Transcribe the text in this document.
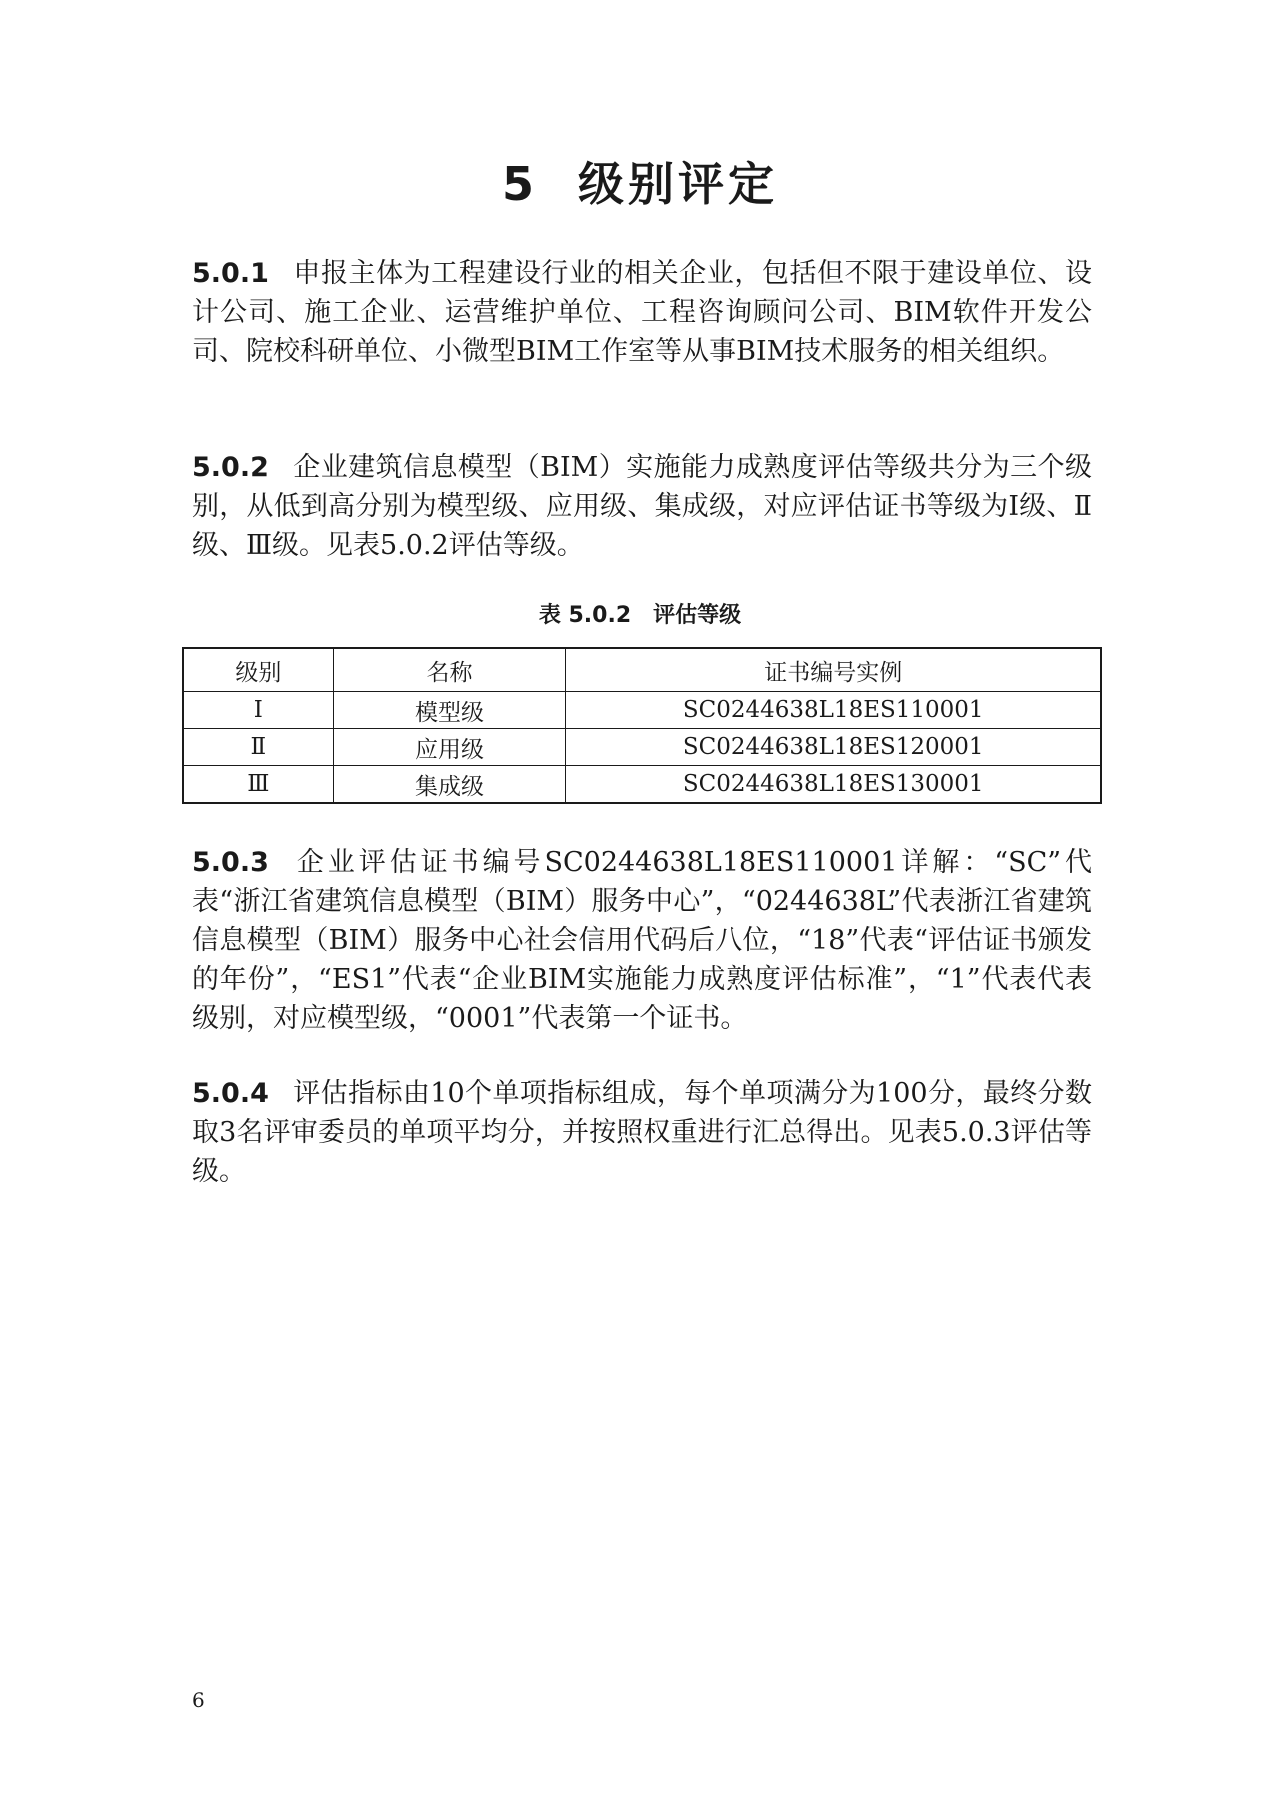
5 级别评定

5.0.1 申报主体为工程建设行业的相关企业，包括但不限于建设单位、设计公司、施工企业、运营维护单位、工程咨询顾问公司、BIM软件开发公司、院校科研单位、小微型BIM工作室等从事BIM技术服务的相关组织。

5.0.2 企业建筑信息模型（BIM）实施能力成熟度评估等级共分为三个级别，从低到高分别为模型级、应用级、集成级，对应评估证书等级为Ⅰ级、Ⅱ级、Ⅲ级。见表5.0.2评估等级。

表 5.0.2　评估等级

级别	名称	证书编号实例
Ⅰ	模型级	SC0244638L18ES110001
Ⅱ	应用级	SC0244638L18ES120001
Ⅲ	集成级	SC0244638L18ES130001

5.0.3 企业评估证书编号SC0244638L18ES110001详解：“SC”代表“浙江省建筑信息模型（BIM）服务中心”，“0244638L”代表浙江省建筑信息模型（BIM）服务中心社会信用代码后八位，“18”代表“评估证书颁发的年份”，“ES1”代表“企业BIM实施能力成熟度评估标准”，“1”代表代表级别，对应模型级，“0001”代表第一个证书。

5.0.4 评估指标由10个单项指标组成，每个单项满分为100分，最终分数取3名评审委员的单项平均分，并按照权重进行汇总得出。见表5.0.3评估等级。

6
